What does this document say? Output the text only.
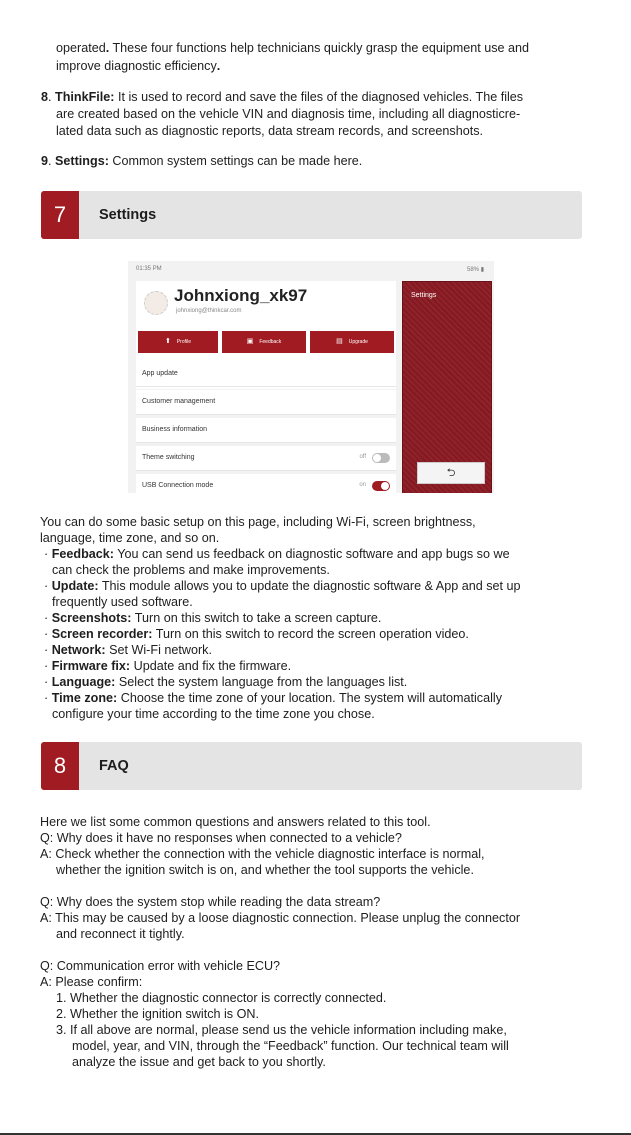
operated. These four functions help technicians quickly grasp the equipment use and
improve diagnostic efficiency.
8. ThinkFile: It is used to record and save the files of the diagnosed vehicles. The files
are created based on the vehicle VIN and diagnosis time, including all diagnosticre-
lated data such as diagnostic reports, data stream records, and screenshots.
9. Settings: Common system settings can be made here.
7	Settings
01:35 PM	58% ▮
Johnxiong_xk97
johnxiong@thinkcar.com
⬆ Profile	▣ Feedback	▤ Upgrade
App update
Customer management
Business information
Theme switching	off
USB Connection mode	on
Settings
⮌
You can do some basic setup on this page, including Wi-Fi, screen brightness,
language, time zone, and so on.
· Feedback: You can send us feedback on diagnostic software and app bugs so we
can check the problems and make improvements.
· Update: This module allows you to update the diagnostic software & App and set up
frequently used software.
· Screenshots: Turn on this switch to take a screen capture.
· Screen recorder: Turn on this switch to record the screen operation video.
· Network: Set Wi-Fi network.
· Firmware fix: Update and fix the firmware.
· Language: Select the system language from the languages list.
· Time zone: Choose the time zone of your location. The system will automatically
configure your time according to the time zone you chose.
8	FAQ
Here we list some common questions and answers related to this tool.
Q: Why does it have no responses when connected to a vehicle?
A: Check whether the connection with the vehicle diagnostic interface is normal,
whether the ignition switch is on, and whether the tool supports the vehicle.
Q: Why does the system stop while reading the data stream?
A: This may be caused by a loose diagnostic connection. Please unplug the connector
and reconnect it tightly.
Q: Communication error with vehicle ECU?
A: Please confirm:
1. Whether the diagnostic connector is correctly connected.
2. Whether the ignition switch is ON.
3. If all above are normal, please send us the vehicle information including make,
model, year, and VIN, through the “Feedback” function. Our technical team will
analyze the issue and get back to you shortly.
